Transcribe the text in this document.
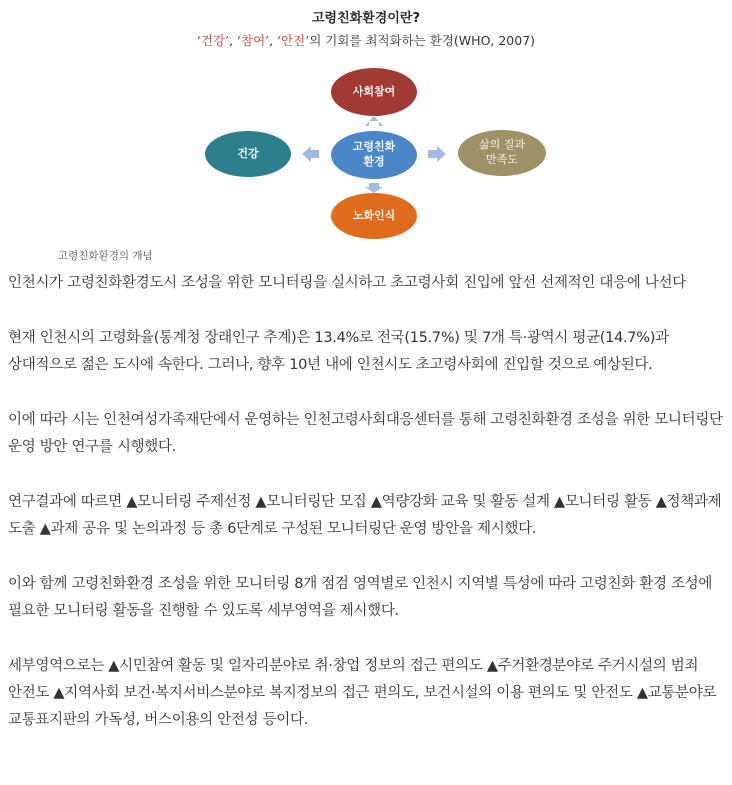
고령친화환경이란?
‘건강’, ‘참여’, ‘안전’의 기회를 최적화하는 환경(WHO, 2007)
사회참여
고령친화
환경
노화인식
건강
삶의 질과
만족도
고령친화환경의 개념

인천시가 고령친화환경도시 조성을 위한 모니터링을 실시하고 초고령사회 진입에 앞선 선제적인 대응에 나선다

현재 인천시의 고령화율(통계청 장래인구 추계)은 13.4%로 전국(15.7%) 및 7개 특·광역시 평균(14.7%)과 상대적으로 젊은 도시에 속한다. 그러나, 향후 10년 내에 인천시도 초고령사회에 진입할 것으로 예상된다.

이에 따라 시는 인천여성가족재단에서 운영하는 인천고령사회대응센터를 통해 고령친화환경 조성을 위한 모니터링단 운영 방안 연구를 시행했다.

연구결과에 따르면 ▲모니터링 주제선정 ▲모니터링단 모집 ▲역량강화 교육 및 활동 설계 ▲모니터링 활동 ▲정책과제 도출 ▲과제 공유 및 논의과정 등 총 6단계로 구성된 모니터링단 운영 방안을 제시했다.

이와 함께 고령친화환경 조성을 위한 모니터링 8개 점검 영역별로 인천시 지역별 특성에 따라 고령친화 환경 조성에 필요한 모니터링 활동을 진행할 수 있도록 세부영역을 제시했다.

세부영역으로는 ▲시민참여 활동 및 일자리분야로 취·창업 정보의 접근 편의도 ▲주거환경분야로 주거시설의 범죄 안전도 ▲지역사회 보건·복지서비스분야로 복지정보의 접근 편의도, 보건시설의 이용 편의도 및 안전도 ▲교통분야로 교통표지판의 가독성, 버스이용의 안전성 등이다.
